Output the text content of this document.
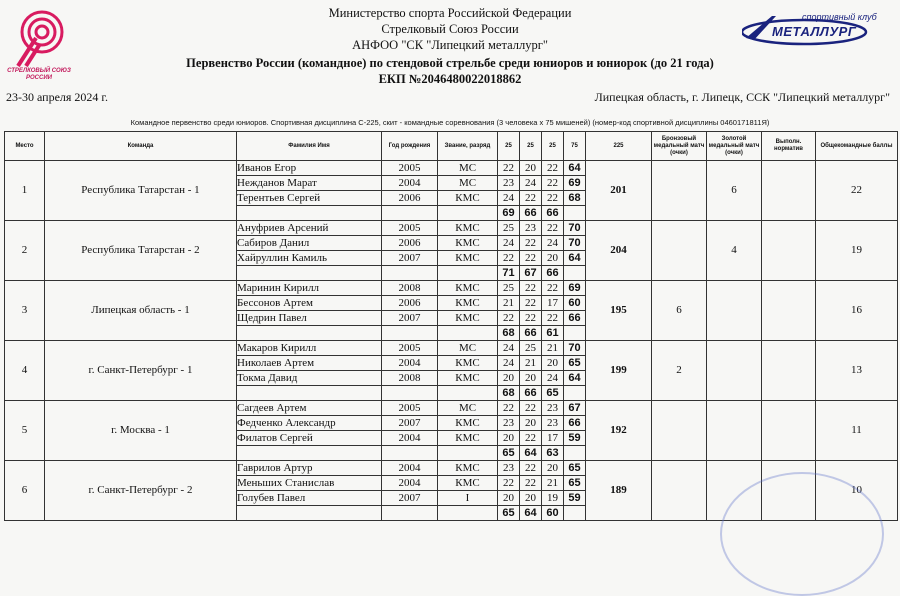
СТРЕЛКОВЫЙ СОЮЗ РОССИИ
спортивный клуб
МЕТАЛЛУРГ
Министерство спорта Российской Федерации
Стрелковый Союз России
АНФОО "СК "Липецкий металлург"
Первенство России (командное) по стендовой стрельбе среди юниоров и юниорок (до 21 года)
ЕКП №2046480022018862
23-30 апреля 2024 г.	Липецкая область, г. Липецк, ССК "Липецкий металлург"
Командное первенство среди юниоров. Спортивная дисциплина С-225, скит - командные соревнования (3 человека х 75 мишеней) (номер-код спортивной дисциплины 0460171811Я)
Место	Команда	Фамилия Имя	Год рождения	Звание, разряд	25	25	25	75	225	Бронзовый медальный матч (очки)	Золотой медальный матч (очки)	Выполн. норматив	Общекомандные баллы
1	Республика Татарстан - 1	Иванов Егор	2005	МС	22	20	22	64	201		6		22
		Нежданов Марат	2004	МС	23	24	22	69					
		Терентьев Сергей	2006	КМС	24	22	22	68					
					69	66	66						
2	Республика Татарстан - 2	Ануфриев Арсений	2005	КМС	25	23	22	70	204		4		19
		Сабиров Данил	2006	КМС	24	22	24	70					
		Хайруллин Камиль	2007	КМС	22	22	20	64					
					71	67	66						
3	Липецкая область - 1	Маринин Кирилл	2008	КМС	25	22	22	69	195	6			16
		Бессонов Артем	2006	КМС	21	22	17	60					
		Щедрин Павел	2007	КМС	22	22	22	66					
					68	66	61						
4	г. Санкт-Петербург - 1	Макаров Кирилл	2005	МС	24	25	21	70	199	2			13
		Николаев Артем	2004	КМС	24	21	20	65					
		Токма Давид	2008	КМС	20	20	24	64					
					68	66	65						
5	г. Москва - 1	Сагдеев Артем	2005	МС	22	22	23	67	192				11
		Федченко Александр	2007	КМС	23	20	23	66					
		Филатов Сергей	2004	КМС	20	22	17	59					
					65	64	63						
6	г. Санкт-Петербург - 2	Гаврилов Артур	2004	КМС	23	22	20	65	189				10
		Меньших Станислав	2004	КМС	22	22	21	65					
		Голубев Павел	2007	I	20	20	19	59					
					65	64	60						
